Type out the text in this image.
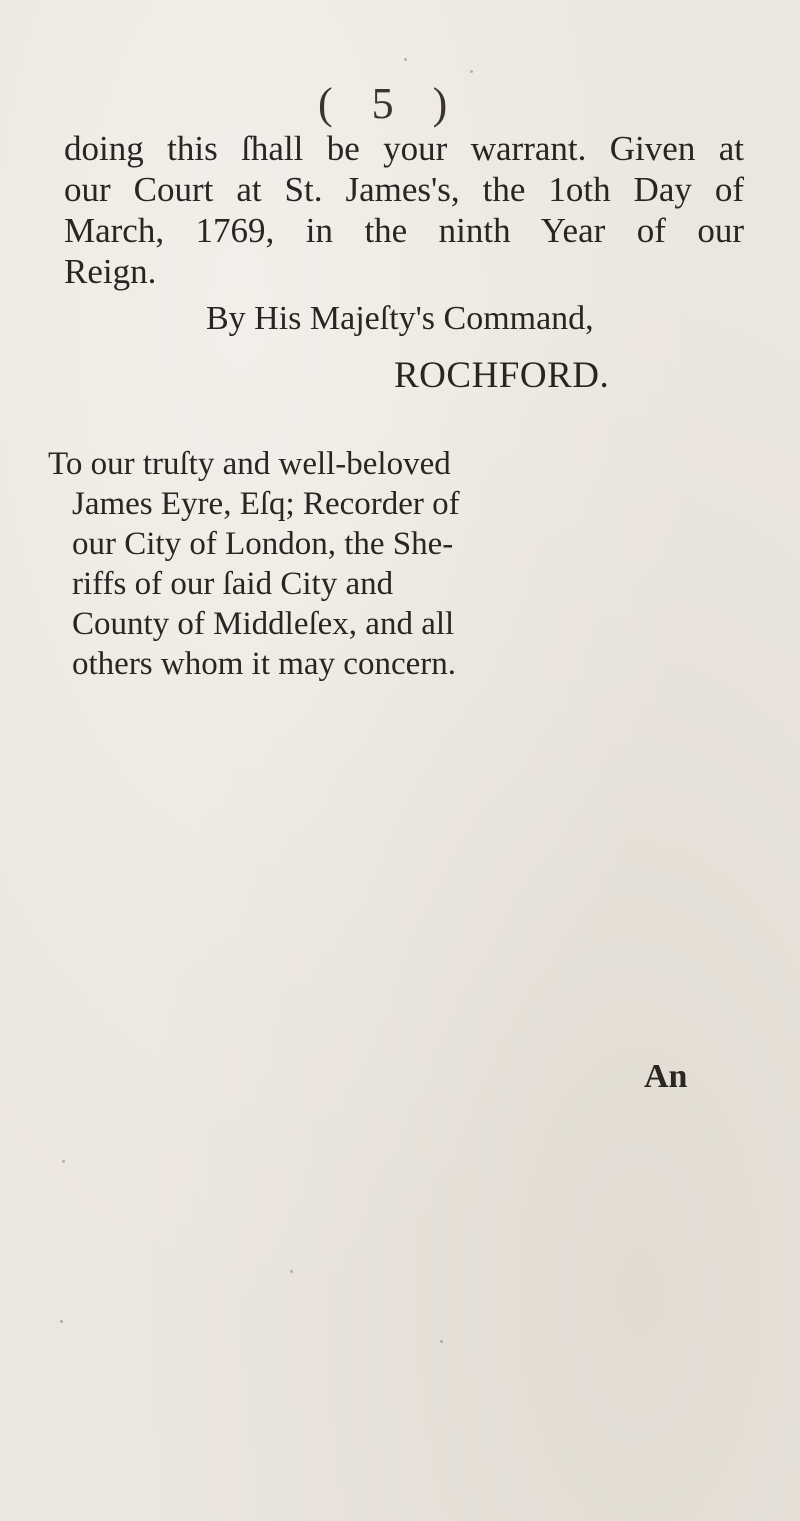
( 5 )
doing this ſhall be your warrant. Given at
our Court at St. James's, the 1oth Day of
March, 1769, in the ninth Year of our
Reign.
By His Majeſty's Command,
ROCHFORD.
To our truſty and well-beloved
James Eyre, Eſq; Recorder of
our City of London, the She-
riffs of our ſaid City and
County of Middleſex, and all
others whom it may concern.
An
